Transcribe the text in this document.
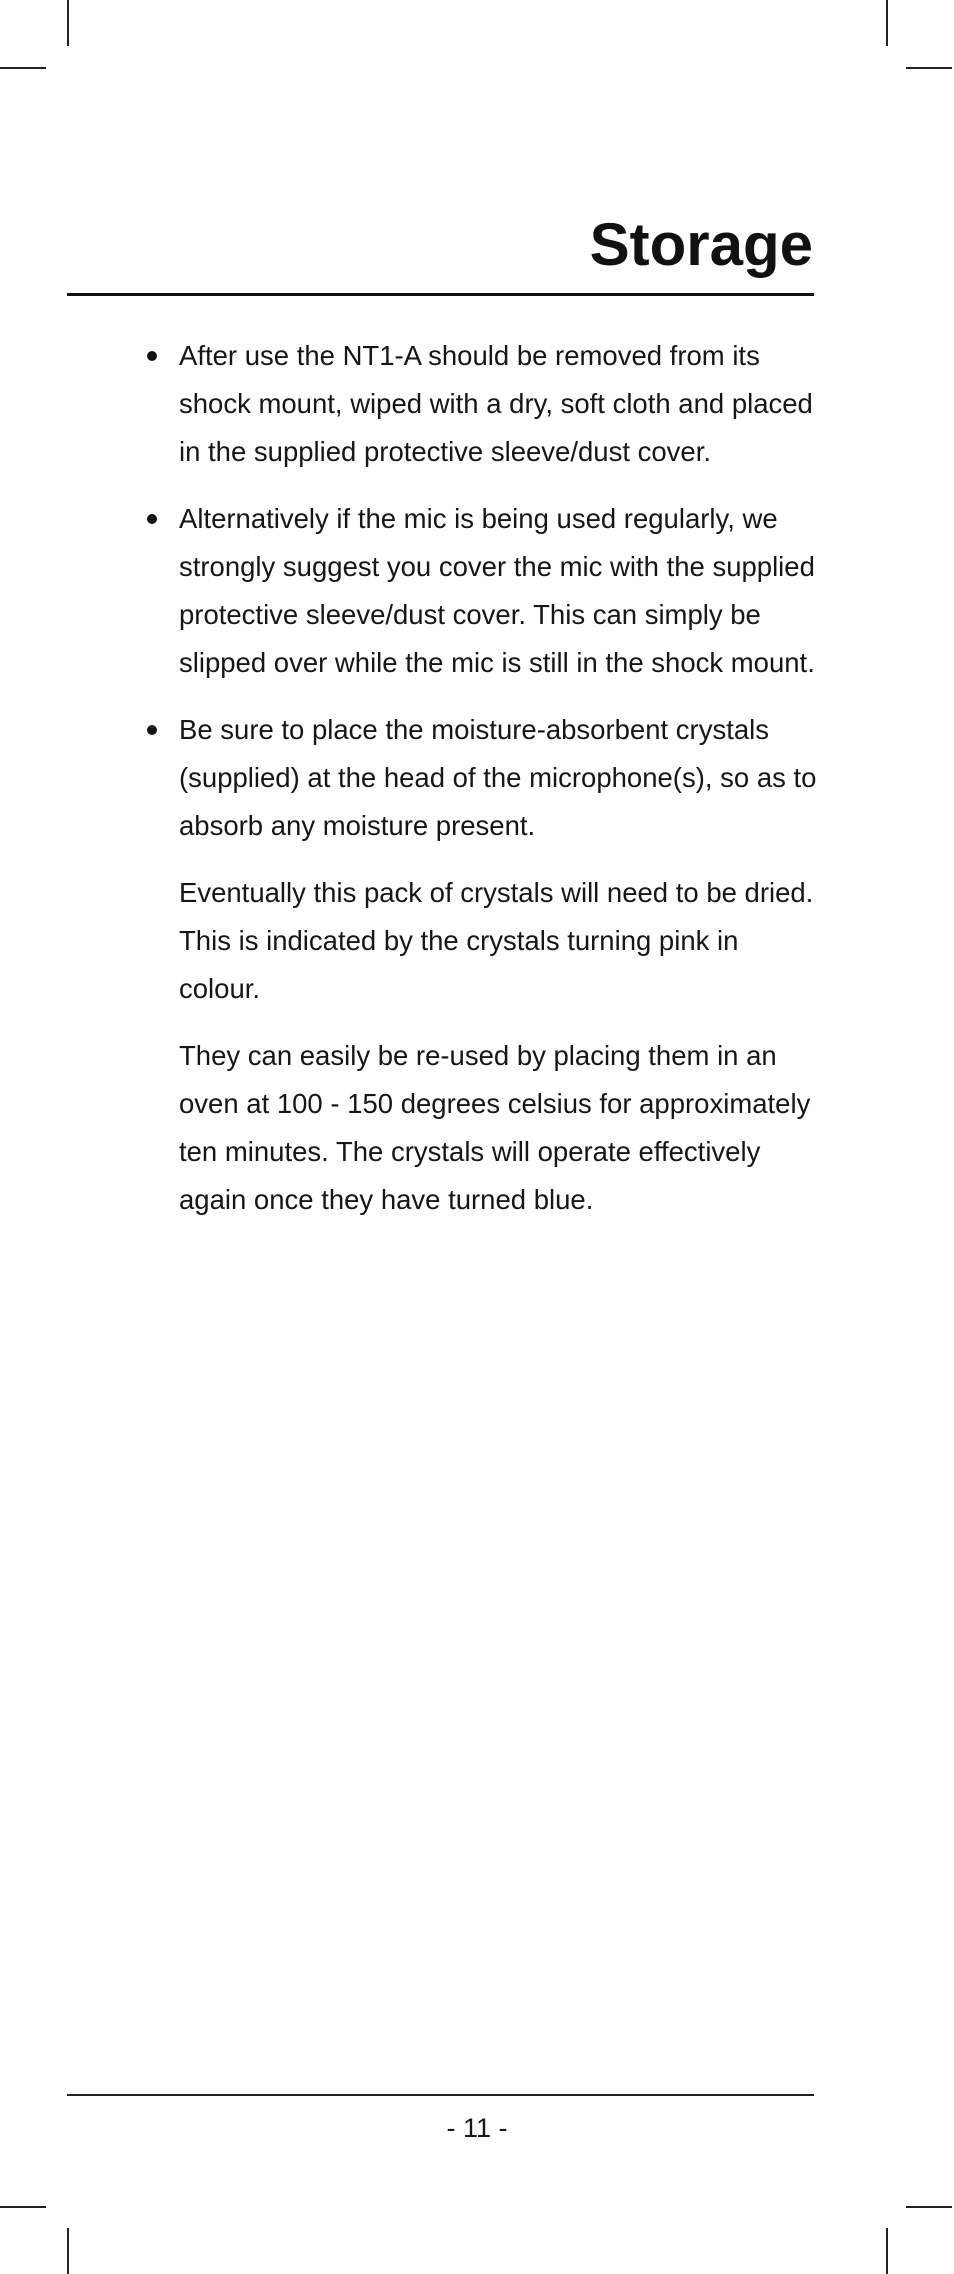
Storage
After use the NT1-A should be removed from its shock mount, wiped with a dry, soft cloth and placed in the supplied protective sleeve/dust cover.
Alternatively if the mic is being used regularly, we strongly suggest you cover the mic with the supplied protective sleeve/dust cover. This can simply be slipped over while the mic is still in the shock mount.
Be sure to place the moisture-absorbent crystals (supplied) at the head of the microphone(s), so as to absorb any moisture present.

Eventually this pack of crystals will need to be dried. This is indicated by the crystals turning pink in colour.

They can easily be re-used by placing them in an oven at 100 - 150 degrees celsius for approximately ten minutes. The crystals will operate effectively again once they have turned blue.

- 11 -
